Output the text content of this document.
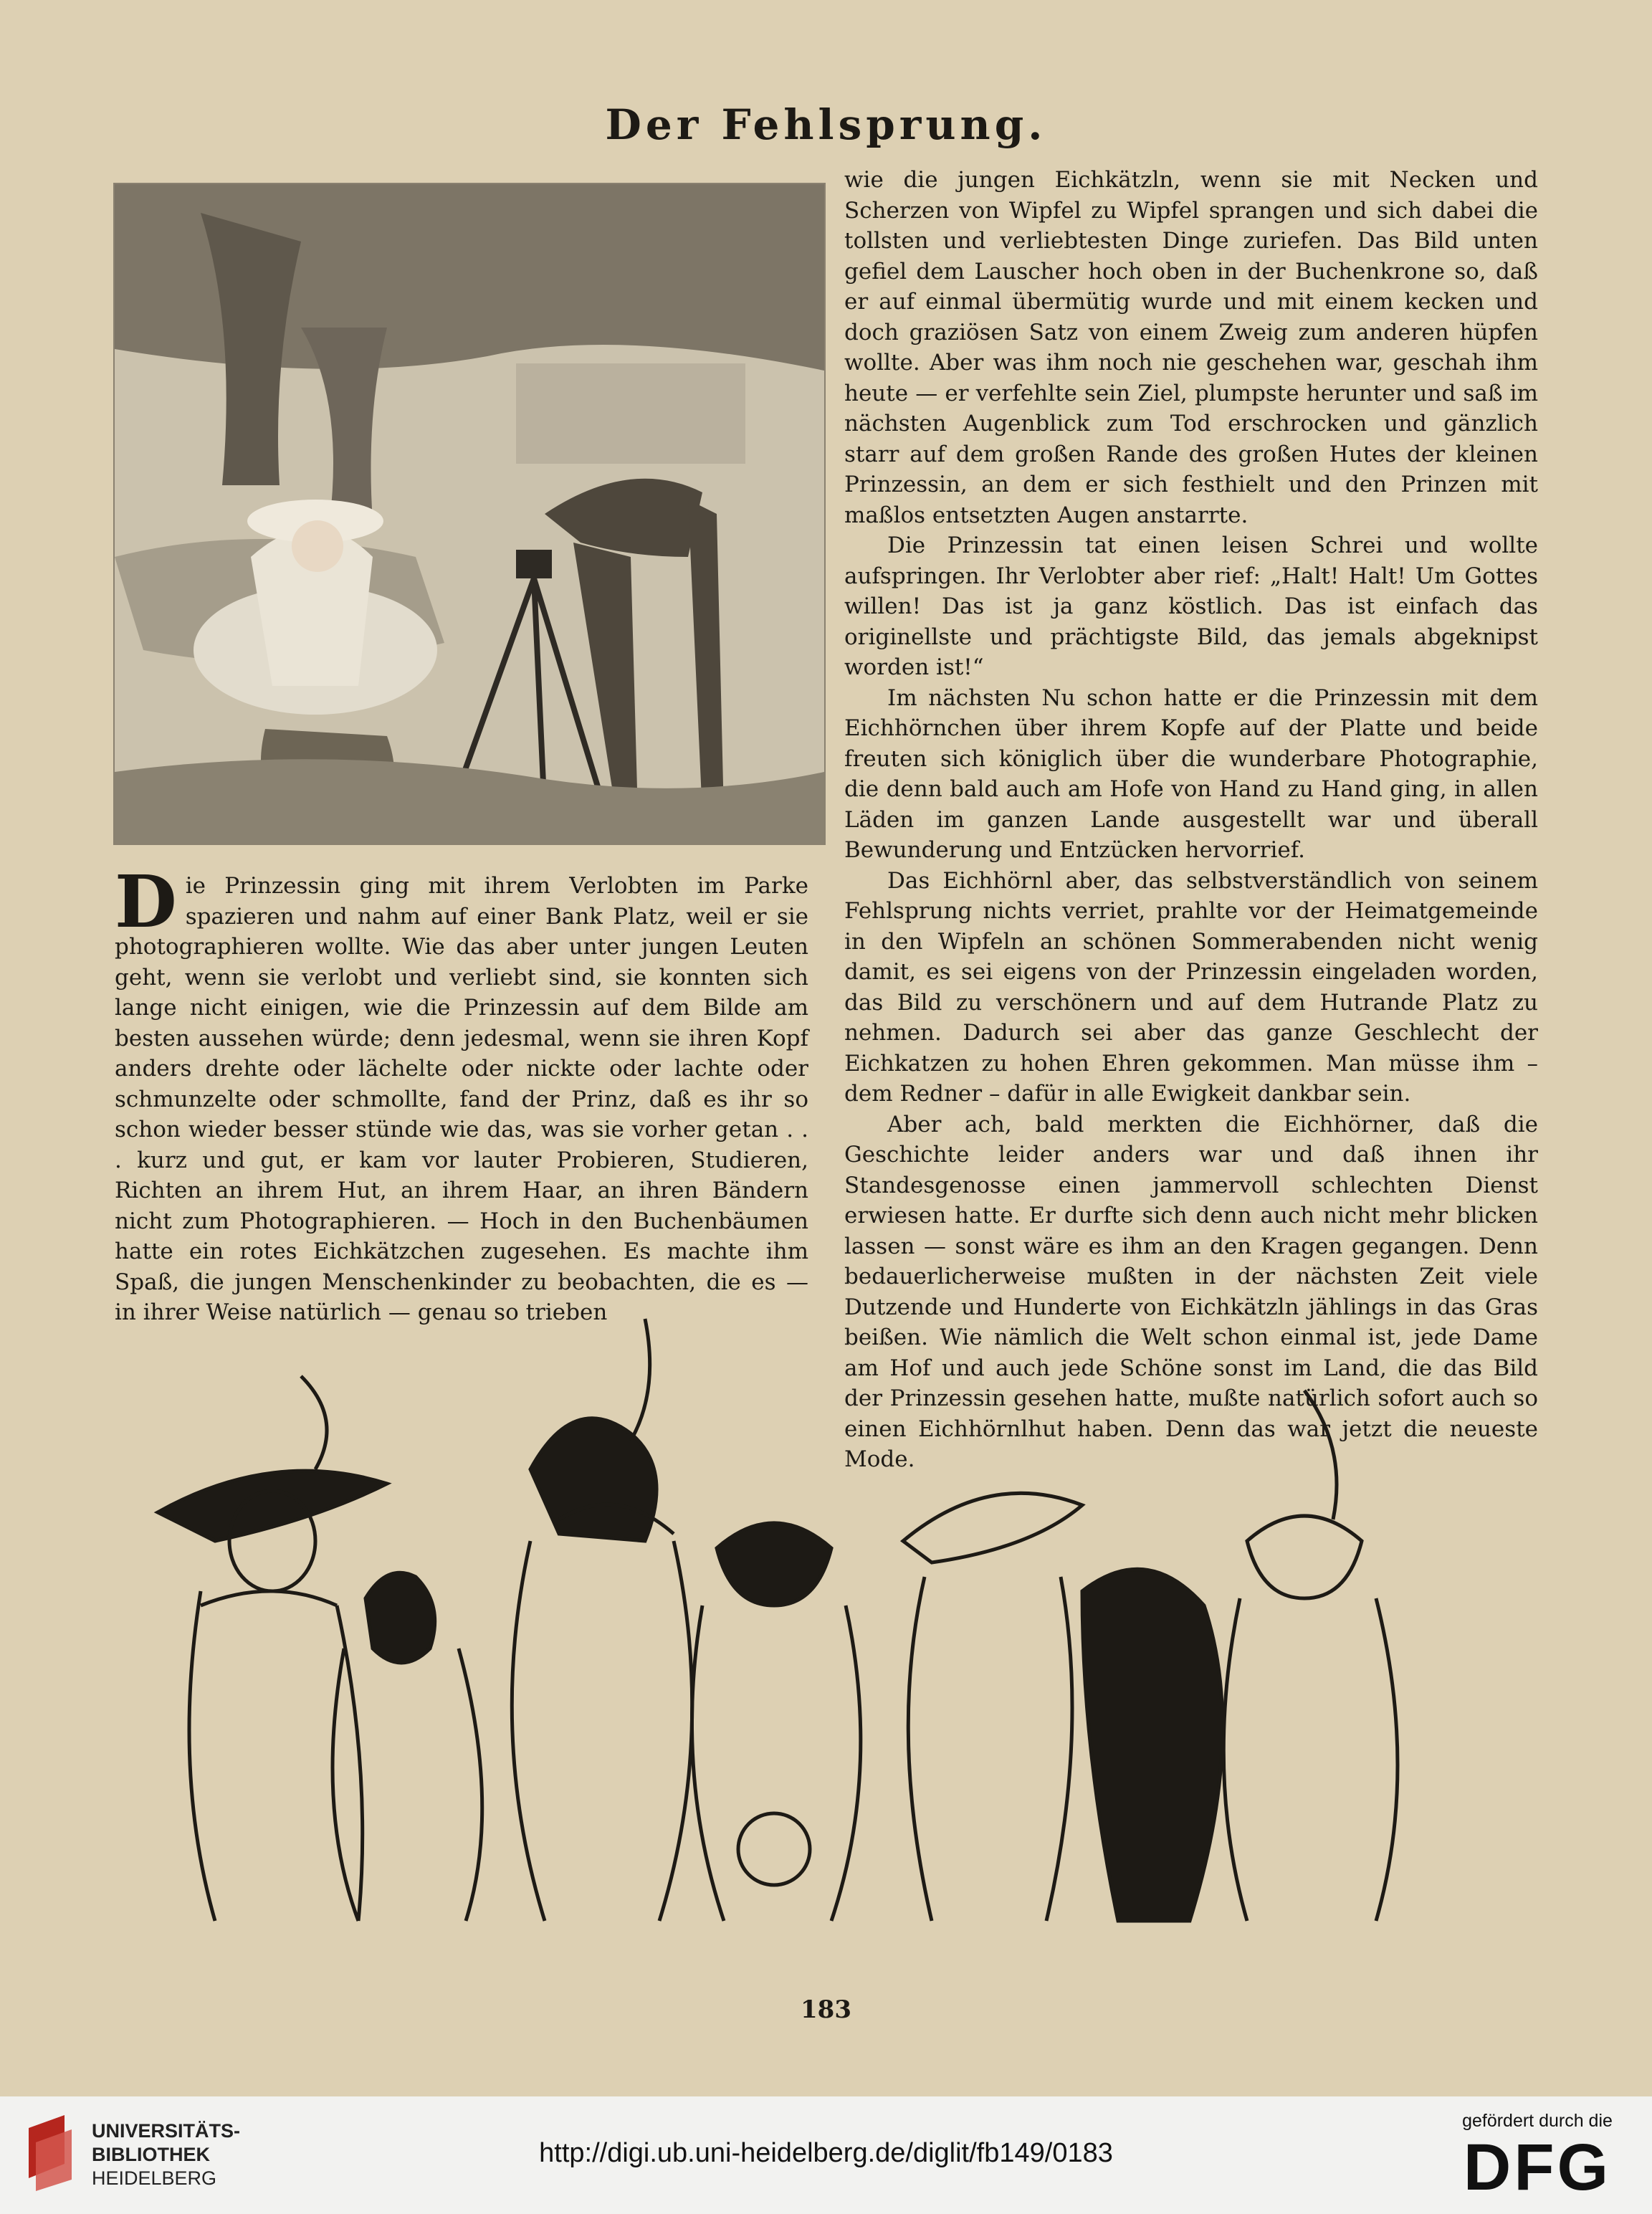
Der Fehlsprung.

Die Prinzessin ging mit ihrem Verlobten im Parke spazieren und nahm auf einer Bank Platz, weil er sie photographieren wollte. Wie das aber unter jungen Leuten geht, wenn sie verlobt und verliebt sind, sie konnten sich lange nicht einigen, wie die Prinzessin auf dem Bilde am besten aussehen würde; denn jedesmal, wenn sie ihren Kopf anders drehte oder lächelte oder nickte oder lachte oder schmunzelte oder schmollte, fand der Prinz, daß es ihr so schon wieder besser stünde wie das, was sie vorher getan . . . kurz und gut, er kam vor lauter Probieren, Studieren, Richten an ihrem Hut, an ihrem Haar, an ihren Bändern nicht zum Photographieren. — Hoch in den Buchenbäumen hatte ein rotes Eichkätzchen zugesehen. Es machte ihm Spaß, die jungen Menschenkinder zu beobachten, die es — in ihrer Weise natürlich — genau so trieben

wie die jungen Eichkätzln, wenn sie mit Necken und Scherzen von Wipfel zu Wipfel sprangen und sich dabei die tollsten und verliebtesten Dinge zuriefen. Das Bild unten gefiel dem Lauscher hoch oben in der Buchenkrone so, daß er auf einmal übermütig wurde und mit einem kecken und doch graziösen Satz von einem Zweig zum anderen hüpfen wollte. Aber was ihm noch nie geschehen war, geschah ihm heute — er verfehlte sein Ziel, plumpste herunter und saß im nächsten Augenblick zum Tod erschrocken und gänzlich starr auf dem großen Rande des großen Hutes der kleinen Prinzessin, an dem er sich festhielt und den Prinzen mit maßlos entsetzten Augen anstarrte.

Die Prinzessin tat einen leisen Schrei und wollte aufspringen. Ihr Verlobter aber rief: „Halt! Halt! Um Gottes willen! Das ist ja ganz köstlich. Das ist einfach das originellste und prächtigste Bild, das jemals abgeknipst worden ist!“

Im nächsten Nu schon hatte er die Prinzessin mit dem Eichhörnchen über ihrem Kopfe auf der Platte und beide freuten sich königlich über die wunderbare Photographie, die denn bald auch am Hofe von Hand zu Hand ging, in allen Läden im ganzen Lande ausgestellt war und überall Bewunderung und Entzücken hervorrief.

Das Eichhörnl aber, das selbstverständlich von seinem Fehlsprung nichts verriet, prahlte vor der Heimatgemeinde in den Wipfeln an schönen Sommerabenden nicht wenig damit, es sei eigens von der Prinzessin eingeladen worden, das Bild zu verschönern und auf dem Hutrande Platz zu nehmen. Dadurch sei aber das ganze Geschlecht der Eichkatzen zu hohen Ehren gekommen. Man müsse ihm – dem Redner – dafür in alle Ewigkeit dankbar sein.

Aber ach, bald merkten die Eichhörner, daß die Geschichte leider anders war und daß ihnen ihr Standesgenosse einen jammervoll schlechten Dienst erwiesen hatte. Er durfte sich denn auch nicht mehr blicken lassen — sonst wäre es ihm an den Kragen gegangen. Denn bedauerlicherweise mußten in der nächsten Zeit viele Dutzende und Hunderte von Eichkätzln jählings in das Gras beißen. Wie nämlich die Welt schon einmal ist, jede Dame am Hof und auch jede Schöne sonst im Land, die das Bild der Prinzessin gesehen hatte, mußte natürlich sofort auch so einen Eichhörnlhut haben. Denn das war jetzt die neueste Mode.

183
UNIVERSITÄTS-
BIBLIOTHEK
HEIDELBERG
http://digi.ub.uni-heidelberg.de/diglit/fb149/0183
gefördert durch die
DFG
